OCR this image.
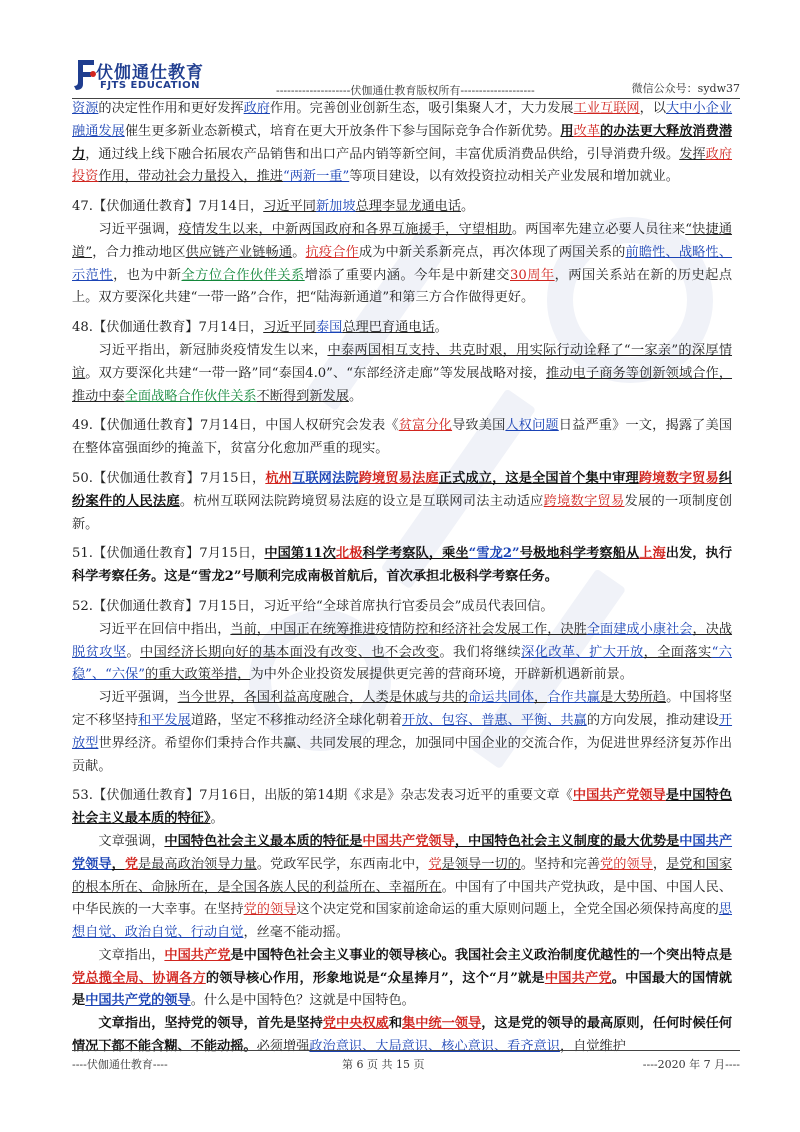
伏伽通仕教育
FJTS EDUCATION	--------------------伏伽通仕教育版权所有--------------------	微信公众号：sydw37

资源的决定性作用和更好发挥政府作用。完善创业创新生态，吸引集聚人才，大力发展工业互联网，以大中小企业融通发展催生更多新业态新模式，培育在更大开放条件下参与国际竞争合作新优势。用改革的办法更大释放消费潜力，通过线上线下融合拓展农产品销售和出口产品内销等新空间，丰富优质消费品供给，引导消费升级。发挥政府投资作用，带动社会力量投入，推进“两新一重”等项目建设，以有效投资拉动相关产业发展和增加就业。

47.【伏伽通仕教育】7月14日，习近平同新加坡总理李显龙通电话。

习近平强调，疫情发生以来，中新两国政府和各界互施援手，守望相助。两国率先建立必要人员往来“快捷通道”，合力推动地区供应链产业链畅通。抗疫合作成为中新关系新亮点，再次体现了两国关系的前瞻性、战略性、示范性，也为中新全方位合作伙伴关系增添了重要内涵。今年是中新建交30周年，两国关系站在新的历史起点上。双方要深化共建“一带一路”合作，把“陆海新通道”和第三方合作做得更好。

48.【伏伽通仕教育】7月14日，习近平同泰国总理巴育通电话。

习近平指出，新冠肺炎疫情发生以来，中泰两国相互支持、共克时艰，用实际行动诠释了“一家亲”的深厚情谊。双方要深化共建“一带一路”同“泰国4.0”、“东部经济走廊”等发展战略对接，推动电子商务等创新领域合作，推动中泰全面战略合作伙伴关系不断得到新发展。

49.【伏伽通仕教育】7月14日，中国人权研究会发表《贫富分化导致美国人权问题日益严重》一文，揭露了美国在整体富强面纱的掩盖下，贫富分化愈加严重的现实。

50.【伏伽通仕教育】7月15日，杭州互联网法院跨境贸易法庭正式成立，这是全国首个集中审理跨境数字贸易纠纷案件的人民法庭。杭州互联网法院跨境贸易法庭的设立是互联网司法主动适应跨境数字贸易发展的一项制度创新。

51.【伏伽通仕教育】7月15日，中国第11次北极科学考察队，乘坐“雪龙2”号极地科学考察船从上海出发，执行科学考察任务。这是“雪龙2”号顺利完成南极首航后，首次承担北极科学考察任务。

52.【伏伽通仕教育】7月15日，习近平给“全球首席执行官委员会”成员代表回信。

习近平在回信中指出，当前，中国正在统筹推进疫情防控和经济社会发展工作，决胜全面建成小康社会，决战脱贫攻坚。中国经济长期向好的基本面没有改变、也不会改变。我们将继续深化改革、扩大开放，全面落实“六稳”、“六保”的重大政策举措，为中外企业投资发展提供更完善的营商环境，开辟新机遇新前景。

习近平强调，当今世界，各国利益高度融合，人类是休戚与共的命运共同体，合作共赢是大势所趋。中国将坚定不移坚持和平发展道路，坚定不移推动经济全球化朝着开放、包容、普惠、平衡、共赢的方向发展，推动建设开放型世界经济。希望你们秉持合作共赢、共同发展的理念，加强同中国企业的交流合作，为促进世界经济复苏作出贡献。

53.【伏伽通仕教育】7月16日，出版的第14期《求是》杂志发表习近平的重要文章《中国共产党领导是中国特色社会主义最本质的特征》。

文章强调，中国特色社会主义最本质的特征是中国共产党领导，中国特色社会主义制度的最大优势是中国共产党领导，党是最高政治领导力量。党政军民学，东西南北中，党是领导一切的。坚持和完善党的领导，是党和国家的根本所在、命脉所在，是全国各族人民的利益所在、幸福所在。中国有了中国共产党执政，是中国、中国人民、中华民族的一大幸事。在坚持党的领导这个决定党和国家前途命运的重大原则问题上，全党全国必须保持高度的思想自觉、政治自觉、行动自觉，丝毫不能动摇。

文章指出，中国共产党是中国特色社会主义事业的领导核心。我国社会主义政治制度优越性的一个突出特点是党总揽全局、协调各方的领导核心作用，形象地说是“众星捧月”，这个“月”就是中国共产党。中国最大的国情就是中国共产党的领导。什么是中国特色？这就是中国特色。

文章指出，坚持党的领导，首先是坚持党中央权威和集中统一领导，这是党的领导的最高原则，任何时候任何情况下都不能含糊、不能动摇。必须增强政治意识、大局意识、核心意识、看齐意识，自觉维护

----伏伽通仕教育----	第 6 页 共 15 页	----2020 年 7 月----
